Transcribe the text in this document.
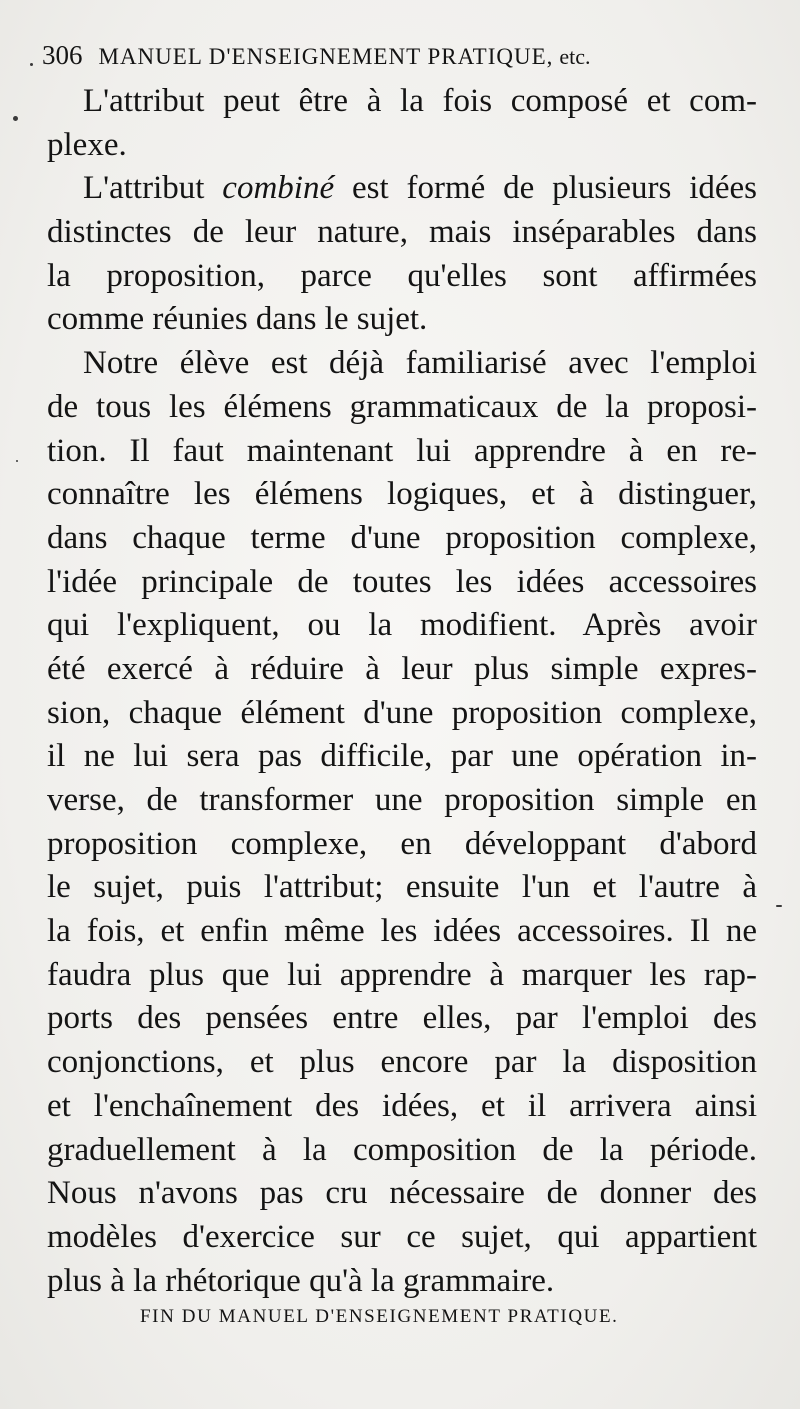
306 MANUEL D'ENSEIGNEMENT PRATIQUE, etc.
L'attribut peut être à la fois composé et com-
plexe.
L'attribut combiné est formé de plusieurs idées
distinctes de leur nature, mais inséparables dans
la proposition, parce qu'elles sont affirmées
comme réunies dans le sujet.
Notre élève est déjà familiarisé avec l'emploi
de tous les élémens grammaticaux de la proposi-
tion. Il faut maintenant lui apprendre à en re-
connaître les élémens logiques, et à distinguer,
dans chaque terme d'une proposition complexe,
l'idée principale de toutes les idées accessoires
qui l'expliquent, ou la modifient. Après avoir
été exercé à réduire à leur plus simple expres-
sion, chaque élément d'une proposition complexe,
il ne lui sera pas difficile, par une opération in-
verse, de transformer une proposition simple en
proposition complexe, en développant d'abord
le sujet, puis l'attribut; ensuite l'un et l'autre à
la fois, et enfin même les idées accessoires. Il ne
faudra plus que lui apprendre à marquer les rap-
ports des pensées entre elles, par l'emploi des
conjonctions, et plus encore par la disposition
et l'enchaînement des idées, et il arrivera ainsi
graduellement à la composition de la période.
Nous n'avons pas cru nécessaire de donner des
modèles d'exercice sur ce sujet, qui appartient
plus à la rhétorique qu'à la grammaire.
FIN DU MANUEL D'ENSEIGNEMENT PRATIQUE.
